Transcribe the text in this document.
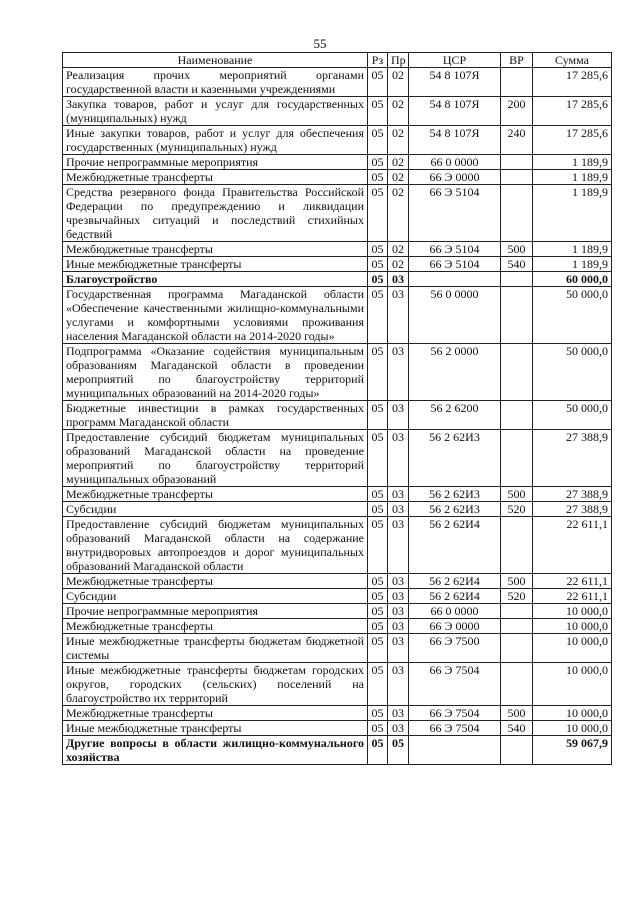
55
Наименование	Рз	Пр	ЦСР	ВР	Сумма
Реализация прочих мероприятий органами государственной власти и казенными учреждениями	05	02	54 8 107Я		17 285,6
Закупка товаров, работ и услуг для государственных (муниципальных) нужд	05	02	54 8 107Я	200	17 285,6
Иные закупки товаров, работ и услуг для обеспечения государственных (муниципальных) нужд	05	02	54 8 107Я	240	17 285,6
Прочие непрограммные мероприятия	05	02	66 0 0000		1 189,9
Межбюджетные трансферты	05	02	66 Э 0000		1 189,9
Средства резервного фонда Правительства Российской Федерации по предупреждению и ликвидации чрезвычайных ситуаций и последствий стихийных бедствий	05	02	66 Э 5104		1 189,9
Межбюджетные трансферты	05	02	66 Э 5104	500	1 189,9
Иные межбюджетные трансферты	05	02	66 Э 5104	540	1 189,9
Благоустройство	05	03			60 000,0
Государственная программа Магаданской области «Обеспечение качественными жилищно-коммунальными услугами и комфортными условиями проживания населения Магаданской области на 2014-2020 годы»	05	03	56 0 0000		50 000,0
Подпрограмма «Оказание содействия муниципальным образованиям Магаданской области в проведении мероприятий по благоустройству территорий муниципальных образований на 2014-2020 годы»	05	03	56 2 0000		50 000,0
Бюджетные инвестиции в рамках государственных программ Магаданской области	05	03	56 2 6200		50 000,0
Предоставление субсидий бюджетам муниципальных образований Магаданской области на проведение мероприятий по благоустройству территорий муниципальных образований	05	03	56 2 62И3		27 388,9
Межбюджетные трансферты	05	03	56 2 62И3	500	27 388,9
Субсидии	05	03	56 2 62И3	520	27 388,9
Предоставление субсидий бюджетам муниципальных образований Магаданской области на содержание внутридворовых автопроездов и дорог муниципальных образований Магаданской области	05	03	56 2 62И4		22 611,1
Межбюджетные трансферты	05	03	56 2 62И4	500	22 611,1
Субсидии	05	03	56 2 62И4	520	22 611,1
Прочие непрограммные мероприятия	05	03	66 0 0000		10 000,0
Межбюджетные трансферты	05	03	66 Э 0000		10 000,0
Иные межбюджетные трансферты бюджетам бюджетной системы	05	03	66 Э 7500		10 000,0
Иные межбюджетные трансферты бюджетам городских округов, городских (сельских) поселений на благоустройство их территорий	05	03	66 Э 7504		10 000,0
Межбюджетные трансферты	05	03	66 Э 7504	500	10 000,0
Иные межбюджетные трансферты	05	03	66 Э 7504	540	10 000,0
Другие вопросы в области жилищно-коммунального хозяйства	05	05			59 067,9
